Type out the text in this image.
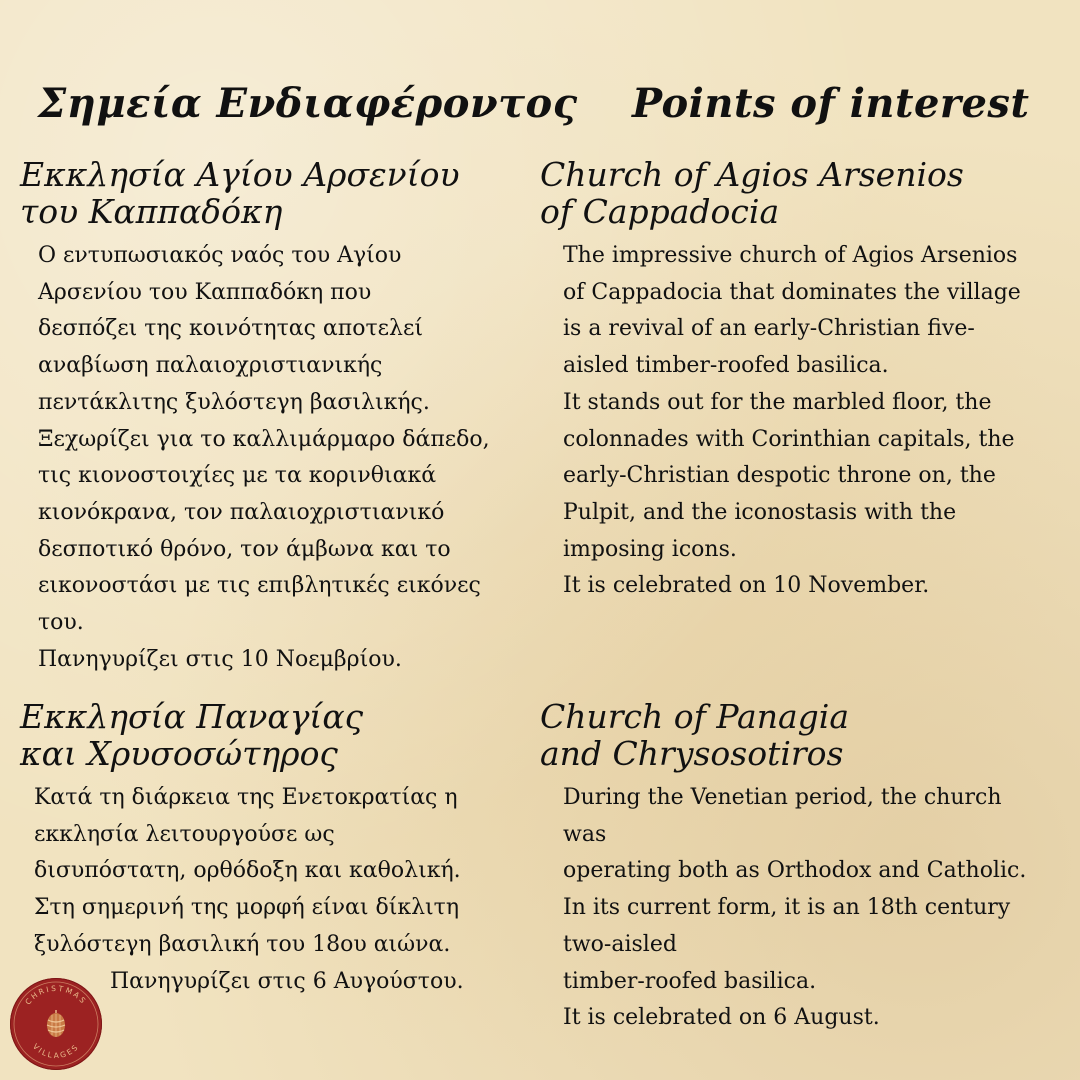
Σημεία Ενδιαφέροντος Points of interest
Εκκλησία Αγίου Αρσενίου
του Καππαδόκη
Ο εντυπωσιακός ναός του Αγίου
Αρσενίου του Καππαδόκη που
δεσπόζει της κοινότητας αποτελεί
αναβίωση παλαιοχριστιανικής
πεντάκλιτης ξυλόστεγη βασιλικής.
Ξεχωρίζει για το καλλιμάρμαρο δάπεδο,
τις κιονοστοιχίες με τα κορινθιακά
κιονόκρανα, τον παλαιοχριστιανικό
δεσποτικό θρόνο, τον άμβωνα και το
εικονοστάσι με τις επιβλητικές εικόνες
του.
Πανηγυρίζει στις 10 Νοεμβρίου.
Εκκλησία Παναγίας
και Χρυσοσώτηρος
Κατά τη διάρκεια της Ενετοκρατίας η
εκκλησία λειτουργούσε ως
δισυπόστατη, ορθόδοξη και καθολική.
Στη σημερινή της μορφή είναι δίκλιτη
ξυλόστεγη βασιλική του 18ου αιώνα.
Πανηγυρίζει στις 6 Αυγούστου.
Church of Agios Arsenios
of Cappadocia
The impressive church of Agios Arsenios
of Cappadocia that dominates the village
is a revival of an early-Christian five-
aisled timber-roofed basilica.
It stands out for the marbled floor, the
colonnades with Corinthian capitals, the
early-Christian despotic throne on, the
Pulpit, and the iconostasis with the
imposing icons.
It is celebrated on 10 November.
Church of Panagia
and Chrysosotiros
During the Venetian period, the church
was
operating both as Orthodox and Catholic.
In its current form, it is an 18th century
two-aisled
timber-roofed basilica.
It is celebrated on 6 August.
CHRISTMAS
VILLAGES
